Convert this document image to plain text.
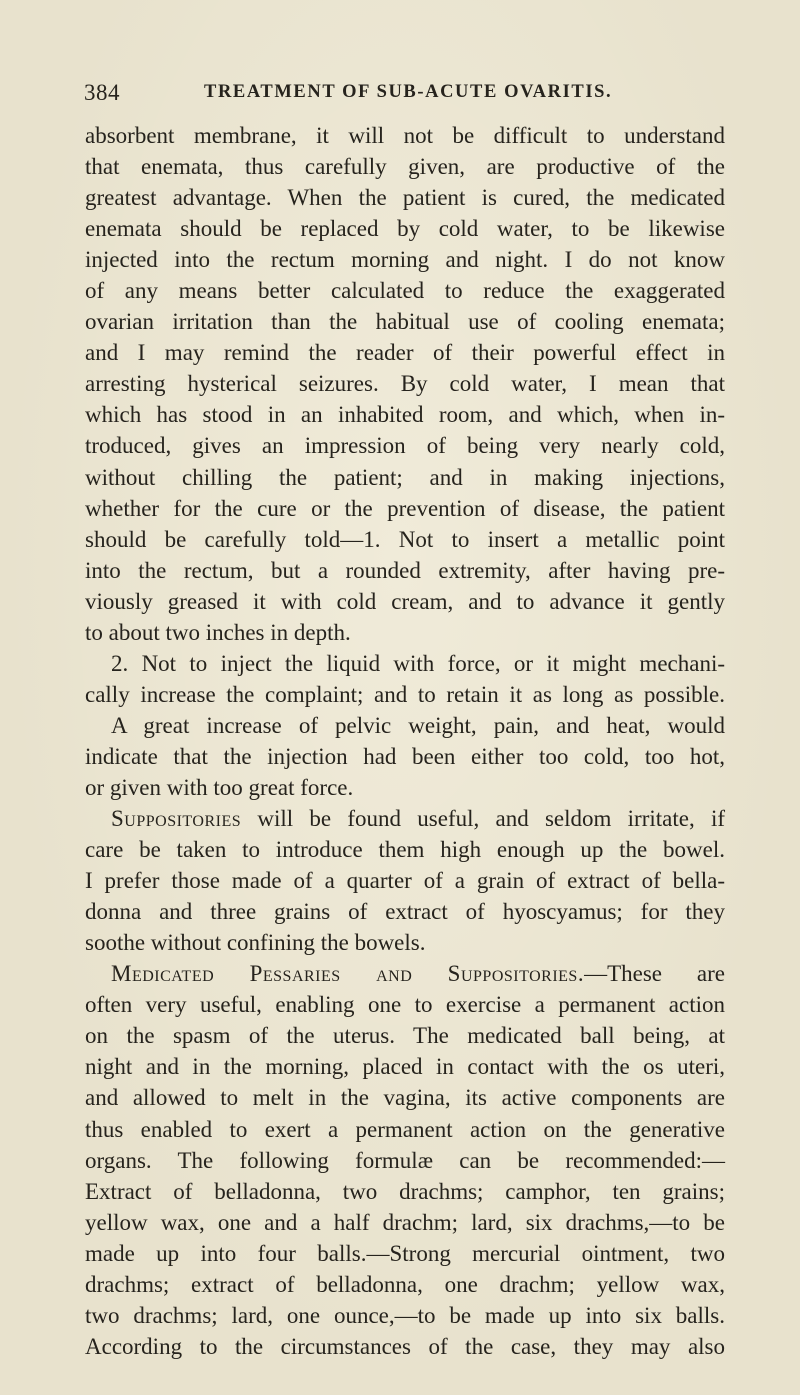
384	TREATMENT OF SUB-ACUTE OVARITIS.
absorbent membrane, it will not be difficult to understand
that enemata, thus carefully given, are productive of the
greatest advantage. When the patient is cured, the medicated
enemata should be replaced by cold water, to be likewise
injected into the rectum morning and night. I do not know
of any means better calculated to reduce the exaggerated
ovarian irritation than the habitual use of cooling enemata;
and I may remind the reader of their powerful effect in
arresting hysterical seizures. By cold water, I mean that
which has stood in an inhabited room, and which, when in-
troduced, gives an impression of being very nearly cold,
without chilling the patient; and in making injections,
whether for the cure or the prevention of disease, the patient
should be carefully told—1. Not to insert a metallic point
into the rectum, but a rounded extremity, after having pre-
viously greased it with cold cream, and to advance it gently
to about two inches in depth.
2. Not to inject the liquid with force, or it might mechani-
cally increase the complaint; and to retain it as long as possible.
A great increase of pelvic weight, pain, and heat, would
indicate that the injection had been either too cold, too hot,
or given with too great force.
Suppositories will be found useful, and seldom irritate, if
care be taken to introduce them high enough up the bowel.
I prefer those made of a quarter of a grain of extract of bella-
donna and three grains of extract of hyoscyamus; for they
soothe without confining the bowels.
Medicated Pessaries and Suppositories.—These are
often very useful, enabling one to exercise a permanent action
on the spasm of the uterus. The medicated ball being, at
night and in the morning, placed in contact with the os uteri,
and allowed to melt in the vagina, its active components are
thus enabled to exert a permanent action on the generative
organs. The following formulæ can be recommended:—
Extract of belladonna, two drachms; camphor, ten grains;
yellow wax, one and a half drachm; lard, six drachms,—to be
made up into four balls.—Strong mercurial ointment, two
drachms; extract of belladonna, one drachm; yellow wax,
two drachms; lard, one ounce,—to be made up into six balls.
According to the circumstances of the case, they may also
